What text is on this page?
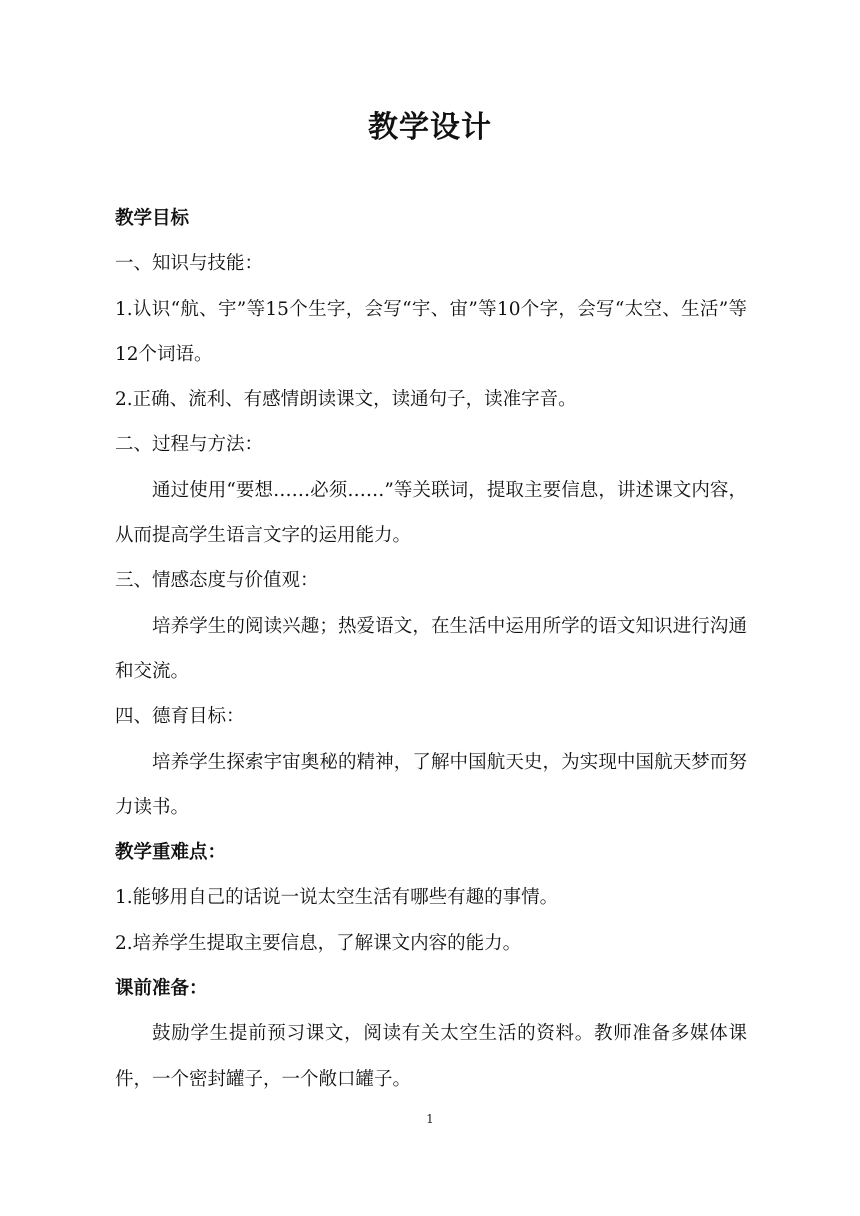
教学设计

教学目标

一、知识与技能：

1.认识“航、宇”等15个生字，会写“宇、宙”等10个字，会写“太空、生活”等12个词语。

2.正确、流利、有感情朗读课文，读通句子，读准字音。

二、过程与方法：

通过使用“要想……必须……”等关联词，提取主要信息，讲述课文内容，从而提高学生语言文字的运用能力。

三、情感态度与价值观：

培养学生的阅读兴趣；热爱语文，在生活中运用所学的语文知识进行沟通和交流。

四、德育目标：

培养学生探索宇宙奥秘的精神，了解中国航天史，为实现中国航天梦而努力读书。

教学重难点：

1.能够用自己的话说一说太空生活有哪些有趣的事情。

2.培养学生提取主要信息，了解课文内容的能力。

课前准备：

鼓励学生提前预习课文，阅读有关太空生活的资料。教师准备多媒体课件，一个密封罐子，一个敞口罐子。

1
